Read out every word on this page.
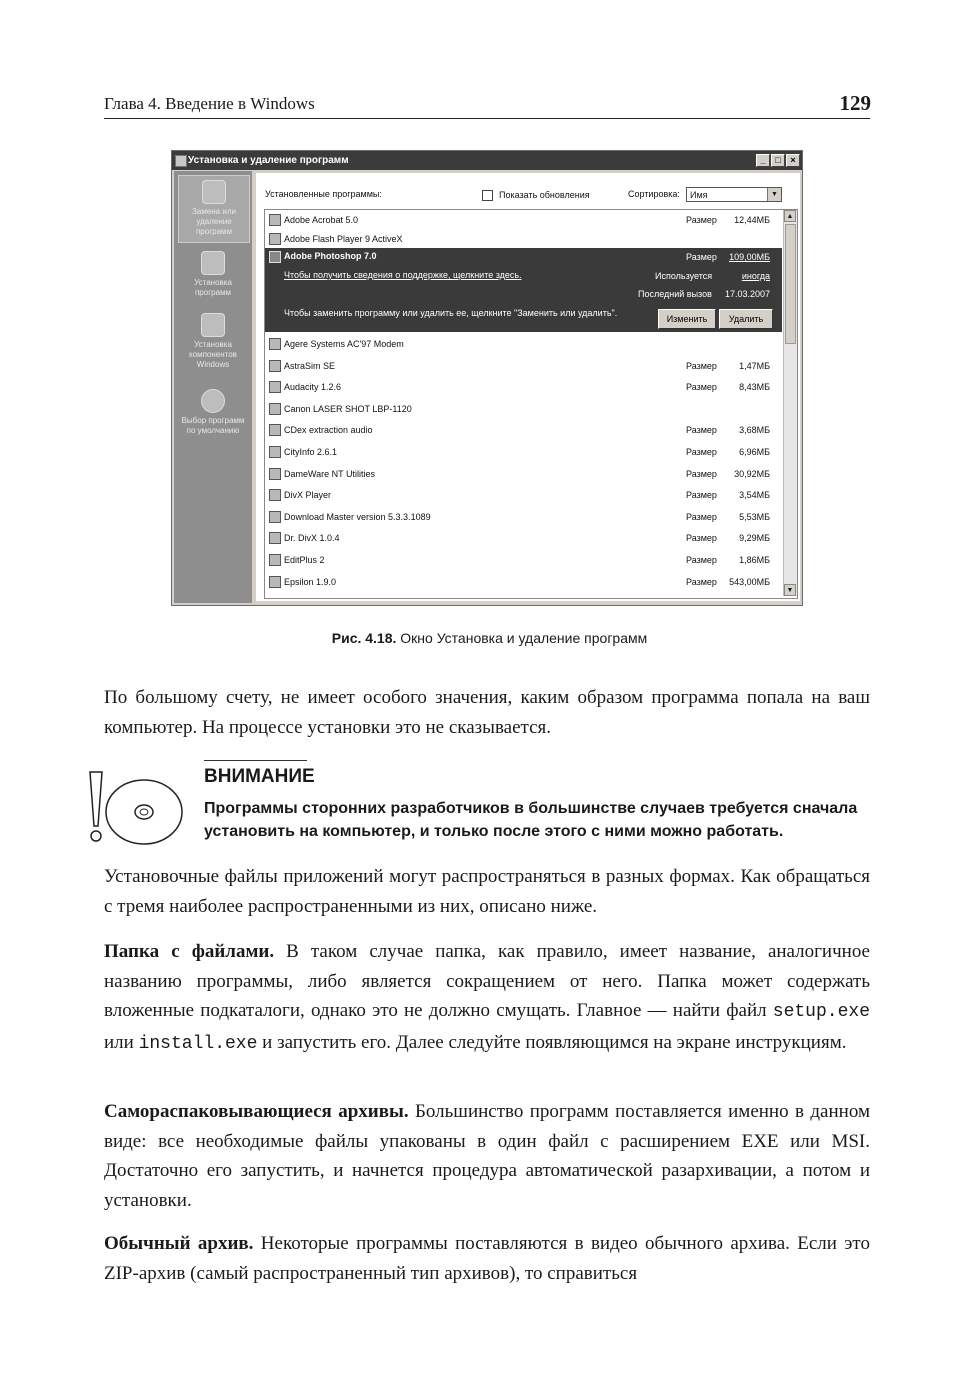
Глава 4. Введение в Windows	129
Установка и удаление программ	_	□	×
Замена или удаление программ
Установка программ
Установка компонентов Windows
Выбор программ по умолчанию
Установленные программы:	Показать обновления	Сортировка:	Имя	▼
Adobe Acrobat 5.0	Размер 12,44МБ
Adobe Flash Player 9 ActiveX
Adobe Photoshop 7.0	Размер 109,00МБ
Чтобы получить сведения о поддержке, щелкните здесь.	Используется	иногда
Последний вызов 17.03.2007
Чтобы заменить программу или удалить ее, щелкните "Заменить или удалить".
Изменить	Удалить
Agere Systems AC'97 Modem
AstraSim SE	Размер 1,47МБ
Audacity 1.2.6	Размер 8,43МБ
Canon LASER SHOT LBP-1120
CDex extraction audio	Размер 3,68МБ
CityInfo 2.6.1	Размер 6,96МБ
DameWare NT Utilities	Размер 30,92МБ
DivX Player	Размер 3,54МБ
Download Master version 5.3.3.1089	Размер 5,53МБ
Dr. DivX 1.0.4	Размер 9,29МБ
EditPlus 2	Размер 1,86МБ
Epsilon 1.9.0	Размер 543,00МБ
▲
▼
Рис. 4.18. Окно Установка и удаление программ

По большому счету, не имеет особого значения, каким образом программа попала на ваш компьютер. На процессе установки это не сказывается.

ВНИМАНИЕ
Программы сторонних разработчиков в большинстве случаев требуется сначала установить на компьютер, и только после этого с ними можно работать.

Установочные файлы приложений могут распространяться в разных формах. Как обращаться с тремя наиболее распространенными из них, описано ниже.

Папка с файлами. В таком случае папка, как правило, имеет название, аналогичное названию программы, либо является сокращением от него. Папка может содержать вложенные подкаталоги, однако это не должно смущать. Главное — найти файл setup.exe или install.exe и запустить его. Далее следуйте появляющимся на экране инструкциям.

Самораспаковывающиеся архивы. Большинство программ поставляется именно в данном виде: все необходимые файлы упакованы в один файл с расширением EXE или MSI. Достаточно его запустить, и начнется процедура автоматической разархивации, а потом и установки.

Обычный архив. Некоторые программы поставляются в видео обычного архива. Если это ZIP-архив (самый распространенный тип архивов), то справиться
